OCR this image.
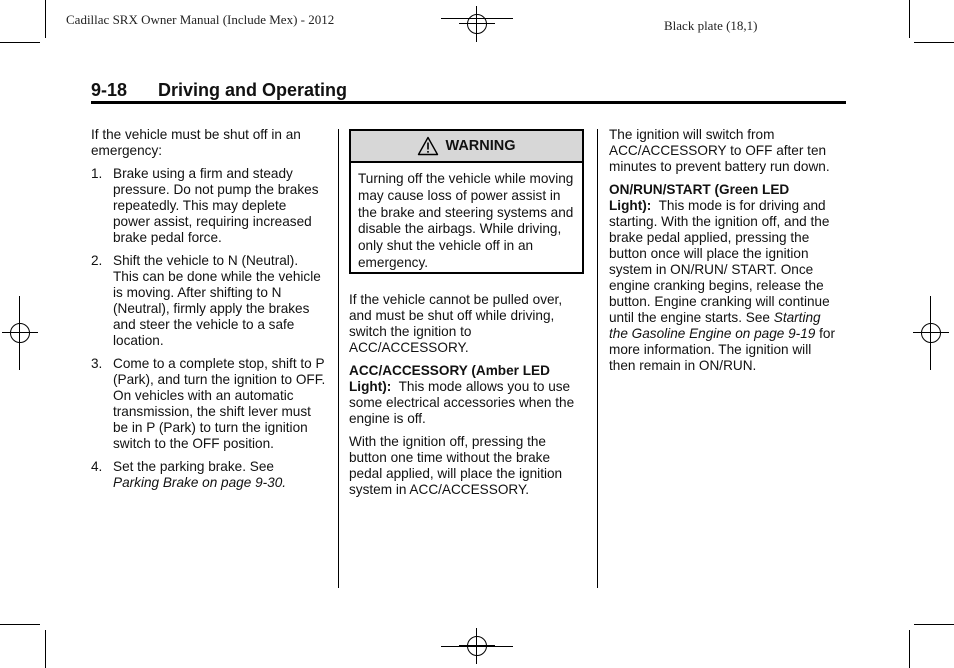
Cadillac SRX Owner Manual (Include Mex) - 2012	Black plate (18,1)
9-18 Driving and Operating

If the vehicle must be shut off in an emergency:

1. Brake using a firm and steady pressure. Do not pump the brakes repeatedly. This may deplete power assist, requiring increased brake pedal force.
2. Shift the vehicle to N (Neutral). This can be done while the vehicle is moving. After shifting to N (Neutral), firmly apply the brakes and steer the vehicle to a safe location.
3. Come to a complete stop, shift to P (Park), and turn the ignition to OFF. On vehicles with an automatic transmission, the shift lever must be in P (Park) to turn the ignition switch to the OFF position.
4. Set the parking brake. See
Parking Brake on page 9-30.
WARNING
Turning off the vehicle while moving may cause loss of power assist in the brake and steering systems and disable the airbags. While driving, only shut the vehicle off in an emergency.

If the vehicle cannot be pulled over, and must be shut off while driving, switch the ignition to ACC/ACCESSORY.

ACC/ACCESSORY (Amber LED Light): This mode allows you to use some electrical accessories when the engine is off.

With the ignition off, pressing the button one time without the brake pedal applied, will place the ignition system in ACC/ACCESSORY.

The ignition will switch from ACC/ACCESSORY to OFF after ten minutes to prevent battery run down.

ON/RUN/START (Green LED Light): This mode is for driving and starting. With the ignition off, and the brake pedal applied, pressing the button once will place the ignition system in ON/RUN/ START. Once engine cranking begins, release the button. Engine cranking will continue until the engine starts. See Starting the Gasoline Engine on page 9-19 for more information. The ignition will then remain in ON/RUN.
